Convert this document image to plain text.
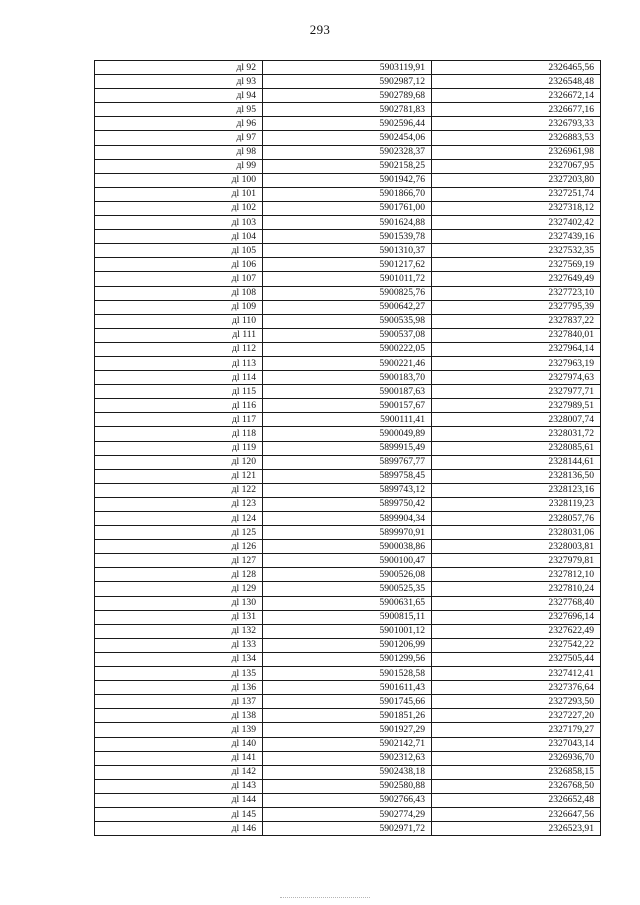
293
дl 92	5903119,91	2326465,56
дl 93	5902987,12	2326548,48
дl 94	5902789,68	2326672,14
дl 95	5902781,83	2326677,16
дl 96	5902596,44	2326793,33
дl 97	5902454,06	2326883,53
дl 98	5902328,37	2326961,98
дl 99	5902158,25	2327067,95
дl 100	5901942,76	2327203,80
дl 101	5901866,70	2327251,74
дl 102	5901761,00	2327318,12
дl 103	5901624,88	2327402,42
дl 104	5901539,78	2327439,16
дl 105	5901310,37	2327532,35
дl 106	5901217,62	2327569,19
дl 107	5901011,72	2327649,49
дl 108	5900825,76	2327723,10
дl 109	5900642,27	2327795,39
дl 110	5900535,98	2327837,22
дl 111	5900537,08	2327840,01
дl 112	5900222,05	2327964,14
дl 113	5900221,46	2327963,19
дl 114	5900183,70	2327974,63
дl 115	5900187,63	2327977,71
дl 116	5900157,67	2327989,51
дl 117	5900111,41	2328007,74
дl 118	5900049,89	2328031,72
дl 119	5899915,49	2328085,61
дl 120	5899767,77	2328144,61
дl 121	5899758,45	2328136,50
дl 122	5899743,12	2328123,16
дl 123	5899750,42	2328119,23
дl 124	5899904,34	2328057,76
дl 125	5899970,91	2328031,06
дl 126	5900038,86	2328003,81
дl 127	5900100,47	2327979,81
дl 128	5900526,08	2327812,10
дl 129	5900525,35	2327810,24
дl 130	5900631,65	2327768,40
дl 131	5900815,11	2327696,14
дl 132	5901001,12	2327622,49
дl 133	5901206,99	2327542,22
дl 134	5901299,56	2327505,44
дl 135	5901528,58	2327412,41
дl 136	5901611,43	2327376,64
дl 137	5901745,66	2327293,50
дl 138	5901851,26	2327227,20
дl 139	5901927,29	2327179,27
дl 140	5902142,71	2327043,14
дl 141	5902312,63	2326936,70
дl 142	5902438,18	2326858,15
дl 143	5902580,88	2326768,50
дl 144	5902766,43	2326652,48
дl 145	5902774,29	2326647,56
дl 146	5902971,72	2326523,91
